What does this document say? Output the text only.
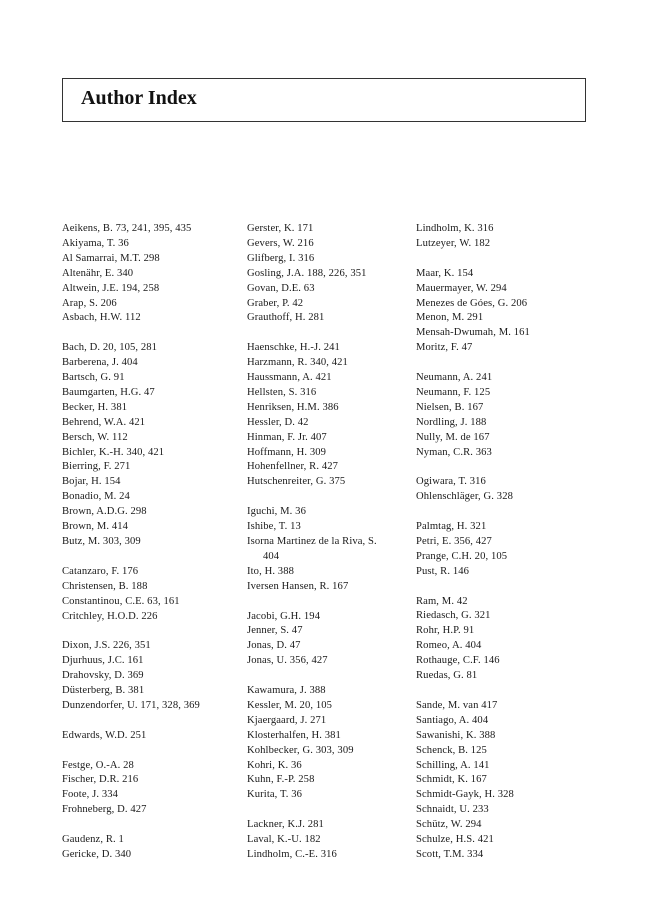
Author Index
Aeikens, B. 73, 241, 395, 435
Akiyama, T. 36
Al Samarrai, M.T. 298
Altenähr, E. 340
Altwein, J.E. 194, 258
Arap, S. 206
Asbach, H.W. 112
Bach, D. 20, 105, 281
Barberena, J. 404
Bartsch, G. 91
Baumgarten, H.G. 47
Becker, H. 381
Behrend, W.A. 421
Bersch, W. 112
Bichler, K.-H. 340, 421
Bierring, F. 271
Bojar, H. 154
Bonadio, M. 24
Brown, A.D.G. 298
Brown, M. 414
Butz, M. 303, 309
Catanzaro, F. 176
Christensen, B. 188
Constantinou, C.E. 63, 161
Critchley, H.O.D. 226
Dixon, J.S. 226, 351
Djurhuus, J.C. 161
Drahovsky, D. 369
Düsterberg, B. 381
Dunzendorfer, U. 171, 328, 369
Edwards, W.D. 251
Festge, O.-A. 28
Fischer, D.R. 216
Foote, J. 334
Frohneberg, D. 427
Gaudenz, R. 1
Gericke, D. 340
Gerster, K. 171
Gevers, W. 216
Glifberg, I. 316
Gosling, J.A. 188, 226, 351
Govan, D.E. 63
Graber, P. 42
Grauthoff, H. 281
Haenschke, H.-J. 241
Harzmann, R. 340, 421
Haussmann, A. 421
Hellsten, S. 316
Henriksen, H.M. 386
Hessler, D. 42
Hinman, F. Jr. 407
Hoffmann, H. 309
Hohenfellner, R. 427
Hutschenreiter, G. 375
Iguchi, M. 36
Ishibe, T. 13
Isorna Martinez de la Riva, S.
404
Ito, H. 388
Iversen Hansen, R. 167
Jacobi, G.H. 194
Jenner, S. 47
Jonas, D. 47
Jonas, U. 356, 427
Kawamura, J. 388
Kessler, M. 20, 105
Kjaergaard, J. 271
Klosterhalfen, H. 381
Kohlbecker, G. 303, 309
Kohri, K. 36
Kuhn, F.-P. 258
Kurita, T. 36
Lackner, K.J. 281
Laval, K.-U. 182
Lindholm, C.-E. 316
Lindholm, K. 316
Lutzeyer, W. 182
Maar, K. 154
Mauermayer, W. 294
Menezes de Góes, G. 206
Menon, M. 291
Mensah-Dwumah, M. 161
Moritz, F. 47
Neumann, A. 241
Neumann, F. 125
Nielsen, B. 167
Nordling, J. 188
Nully, M. de 167
Nyman, C.R. 363
Ogiwara, T. 316
Ohlenschläger, G. 328
Palmtag, H. 321
Petri, E. 356, 427
Prange, C.H. 20, 105
Pust, R. 146
Ram, M. 42
Riedasch, G. 321
Rohr, H.P. 91
Romeo, A. 404
Rothauge, C.F. 146
Ruedas, G. 81
Sande, M. van 417
Santiago, A. 404
Sawanishi, K. 388
Schenck, B. 125
Schilling, A. 141
Schmidt, K. 167
Schmidt-Gayk, H. 328
Schnaidt, U. 233
Schütz, W. 294
Schulze, H.S. 421
Scott, T.M. 334
